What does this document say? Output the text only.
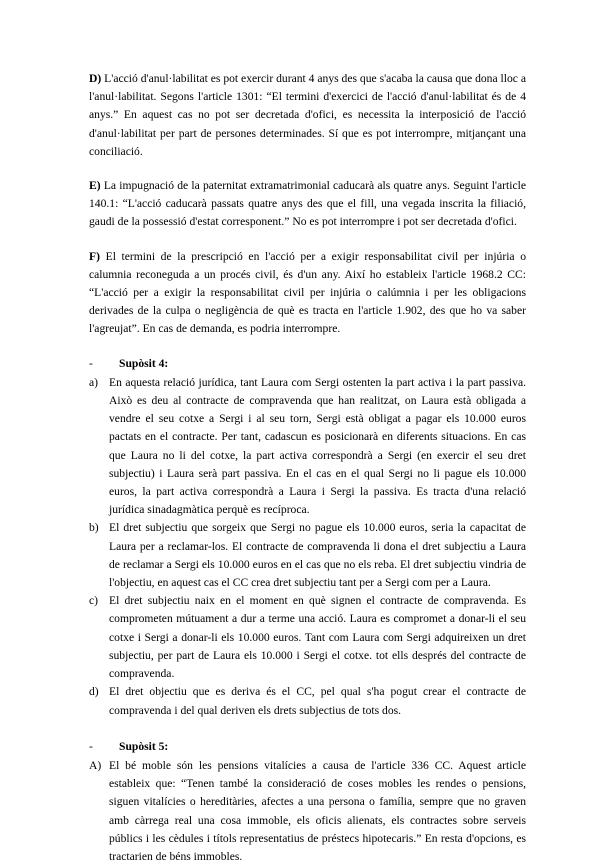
D) L'acció d'anul·labilitat es pot exercir durant 4 anys des que s'acaba la causa que dona lloc a l'anul·labilitat. Segons l'article 1301: “El termini d'exercici de l'acció d'anul·labilitat és de 4 anys.” En aquest cas no pot ser decretada d'ofici, es necessita la interposició de l'acció d'anul·labilitat per part de persones determinades. Sí que es pot interrompre, mitjançant una conciliació.

E) La impugnació de la paternitat extramatrimonial caducarà als quatre anys. Seguint l'article 140.1: “L'acció caducarà passats quatre anys des que el fill, una vegada inscrita la filiació, gaudi de la possessió d'estat corresponent.” No es pot interrompre i pot ser decretada d'ofici.

F) El termini de la prescripció en l'acció per a exigir responsabilitat civil per injúria o calumnia reconeguda a un procés civil, és d'un any. Així ho estableix l'article 1968.2 CC: “L'acció per a exigir la responsabilitat civil per injúria o calúmnia i per les obligacions derivades de la culpa o negligència de què es tracta en l'article 1.902, des que ho va saber l'agreujat”. En cas de demanda, es podria interrompre.

-	Supòsit 4:
a) En aquesta relació jurídica, tant Laura com Sergi ostenten la part activa i la part passiva. Això es deu al contracte de compravenda que han realitzat, on Laura està obligada a vendre el seu cotxe a Sergi i al seu torn, Sergi està obligat a pagar els 10.000 euros pactats en el contracte. Per tant, cadascun es posicionarà en diferents situacions. En cas que Laura no li del cotxe, la part activa correspondrà a Sergi (en exercir el seu dret subjectiu) i Laura serà part passiva. En el cas en el qual Sergi no li pague els 10.000 euros, la part activa correspondrà a Laura i Sergi la passiva. Es tracta d'una relació jurídica sinadagmàtica perquè es recíproca.
b) El dret subjectiu que sorgeix que Sergi no pague els 10.000 euros, seria la capacitat de Laura per a reclamar-los. El contracte de compravenda li dona el dret subjectiu a Laura de reclamar a Sergi els 10.000 euros en el cas que no els reba. El dret subjectiu vindria de l'objectiu, en aquest cas el CC crea dret subjectiu tant per a Sergi com per a Laura.
c) El dret subjectiu naix en el moment en què signen el contracte de compravenda. Es comprometen mútuament a dur a terme una acció. Laura es compromet a donar-li el seu cotxe i Sergi a donar-li els 10.000 euros. Tant com Laura com Sergi adquireixen un dret subjectiu, per part de Laura els 10.000 i Sergi el cotxe. tot ells després del contracte de compravenda.
d) El dret objectiu que es deriva és el CC, pel qual s'ha pogut crear el contracte de compravenda i del qual deriven els drets subjectius de tots dos.
-	Supòsit 5:
A) El bé moble són les pensions vitalícies a causa de l'article 336 CC. Aquest article estableix que: “Tenen també la consideració de coses mobles les rendes o pensions, siguen vitalícies o hereditàries, afectes a una persona o família, sempre que no graven amb càrrega real una cosa immoble, els oficis alienats, els contractes sobre serveis públics i les cèdules i títols representatius de préstecs hipotecaris.” En resta d'opcions, es tractarien de béns immobles.
